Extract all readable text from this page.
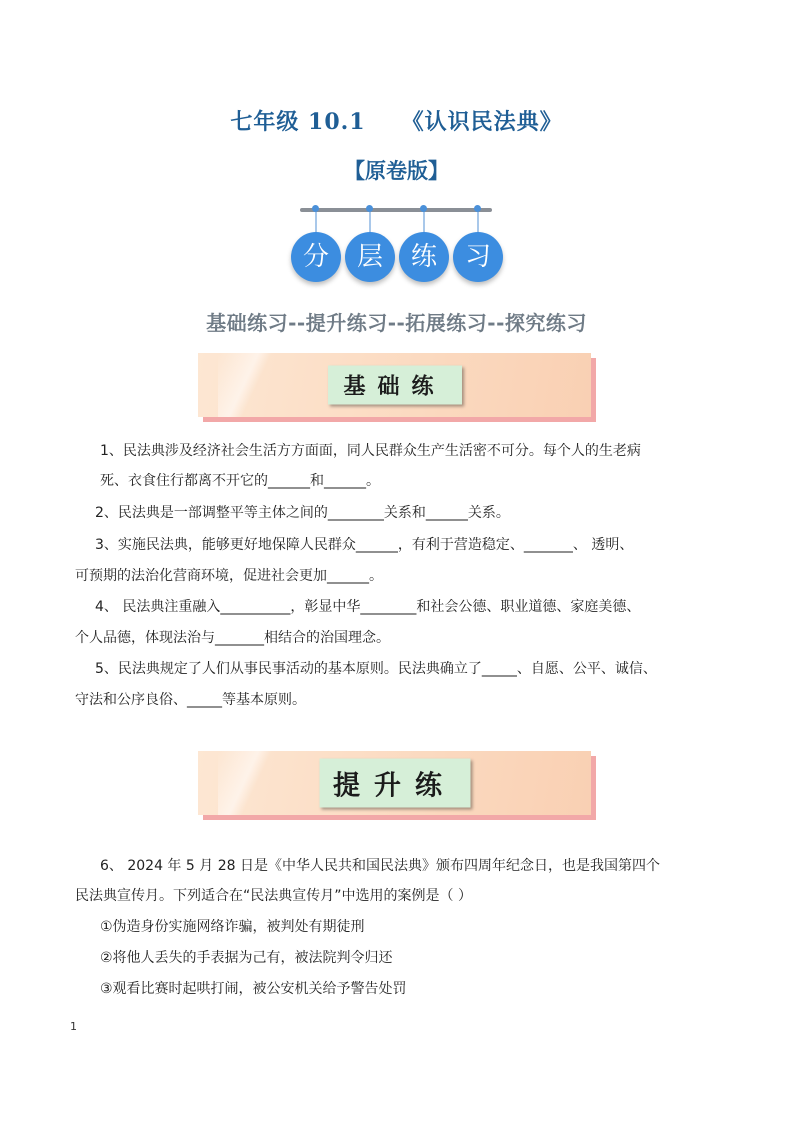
七年级 10.1 《认识民法典》
【原卷版】
分	层	练	习
基础练习--提升练习--拓展练习--探究练习
基础练
1、民法典涉及经济社会生活方方面面，同人民群众生产生活密不可分。每个人的生老病
死、衣食住行都离不开它的______和______。
2、民法典是一部调整平等主体之间的________关系和______关系。
3、实施民法典，能够更好地保障人民群众______，有利于营造稳定、_______、 透明、
可预期的法治化营商环境，促进社会更加______。
4、 民法典注重融入__________，彰显中华________和社会公德、职业道德、家庭美德、
个人品德，体现法治与_______相结合的治国理念。
5、民法典规定了人们从事民事活动的基本原则。民法典确立了_____、自愿、公平、诚信、
守法和公序良俗、_____等基本原则。
提升练
6、 2024 年 5 月 28 日是《中华人民共和国民法典》颁布四周年纪念日，也是我国第四个
民法典宣传月。下列适合在“民法典宣传月”中选用的案例是（ ）
①伪造身份实施网络诈骗，被判处有期徒刑
②将他人丢失的手表据为己有，被法院判令归还
③观看比赛时起哄打闹，被公安机关给予警告处罚
1
